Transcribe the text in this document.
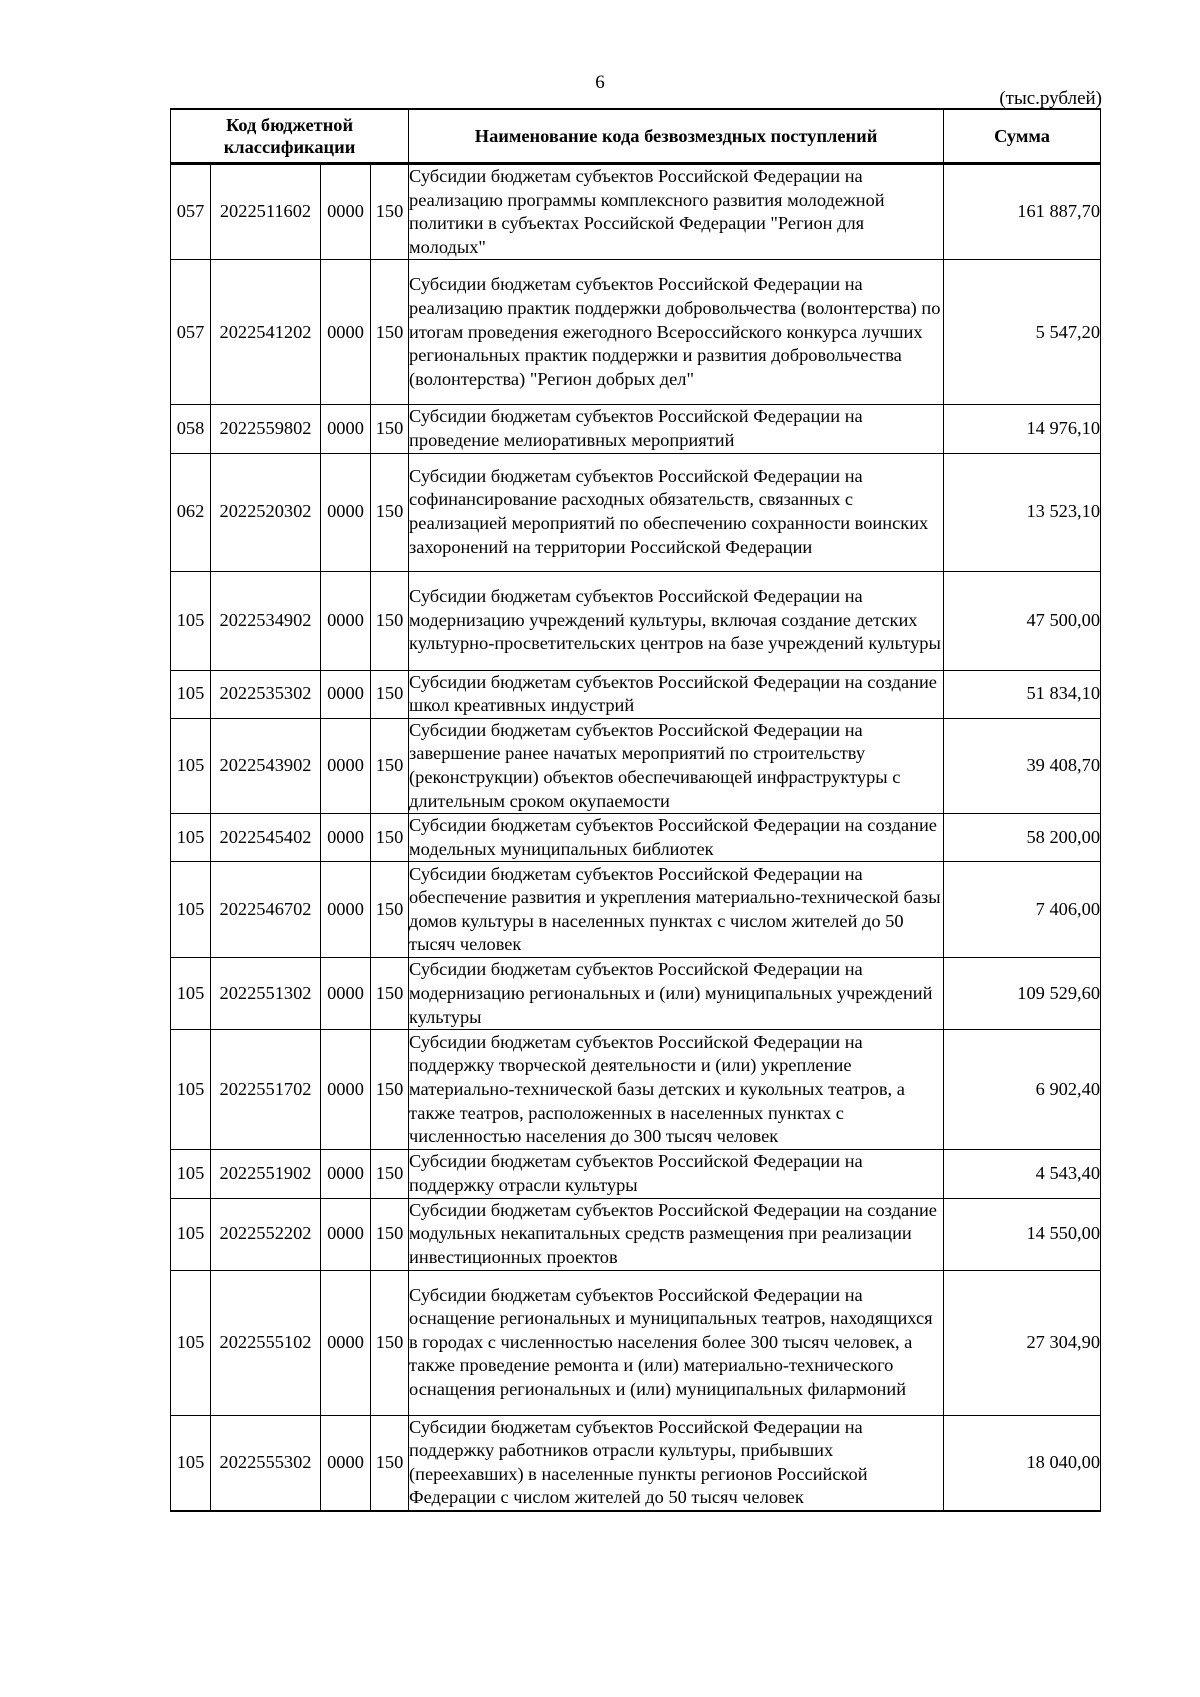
6
(тыс.рублей)
Код бюджетной классификации				Наименование кода безвозмездных поступлений	Сумма
057	2022511602	0000	150	Субсидии бюджетам субъектов Российской Федерации на реализацию программы комплексного развития молодежной политики в субъектах Российской Федерации "Регион для молодых"	161 887,70
057	2022541202	0000	150	Субсидии бюджетам субъектов Российской Федерации на реализацию практик поддержки добровольчества (волонтерства) по итогам проведения ежегодного Всероссийского конкурса лучших региональных практик поддержки и развития добровольчества (волонтерства) "Регион добрых дел"	5 547,20
058	2022559802	0000	150	Субсидии бюджетам субъектов Российской Федерации на проведение мелиоративных мероприятий	14 976,10
062	2022520302	0000	150	Субсидии бюджетам субъектов Российской Федерации на софинансирование расходных обязательств, связанных с реализацией мероприятий по обеспечению сохранности воинских захоронений на территории Российской Федерации	13 523,10
105	2022534902	0000	150	Субсидии бюджетам субъектов Российской Федерации на модернизацию учреждений культуры, включая создание детских культурно-просветительских центров на базе учреждений культуры	47 500,00
105	2022535302	0000	150	Субсидии бюджетам субъектов Российской Федерации на создание школ креативных индустрий	51 834,10
105	2022543902	0000	150	Субсидии бюджетам субъектов Российской Федерации на завершение ранее начатых мероприятий по строительству (реконструкции) объектов обеспечивающей инфраструктуры с длительным сроком окупаемости	39 408,70
105	2022545402	0000	150	Субсидии бюджетам субъектов Российской Федерации на создание модельных муниципальных библиотек	58 200,00
105	2022546702	0000	150	Субсидии бюджетам субъектов Российской Федерации на обеспечение развития и укрепления материально-технической базы домов культуры в населенных пунктах с числом жителей до 50 тысяч человек	7 406,00
105	2022551302	0000	150	Субсидии бюджетам субъектов Российской Федерации на модернизацию региональных и (или) муниципальных учреждений культуры	109 529,60
105	2022551702	0000	150	Субсидии бюджетам субъектов Российской Федерации на поддержку творческой деятельности и (или) укрепление материально-технической базы детских и кукольных театров, а также театров, расположенных в населенных пунктах с численностью населения до 300 тысяч человек	6 902,40
105	2022551902	0000	150	Субсидии бюджетам субъектов Российской Федерации на поддержку отрасли культуры	4 543,40
105	2022552202	0000	150	Субсидии бюджетам субъектов Российской Федерации на создание модульных некапитальных средств размещения при реализации инвестиционных проектов	14 550,00
105	2022555102	0000	150	Субсидии бюджетам субъектов Российской Федерации на оснащение региональных и муниципальных театров, находящихся в городах с численностью населения более 300 тысяч человек, а также проведение ремонта и (или) материально-технического оснащения региональных и (или) муниципальных филармоний	27 304,90
105	2022555302	0000	150	Субсидии бюджетам субъектов Российской Федерации на поддержку работников отрасли культуры, прибывших (переехавших) в населенные пункты регионов Российской Федерации с числом жителей до 50 тысяч человек	18 040,00
